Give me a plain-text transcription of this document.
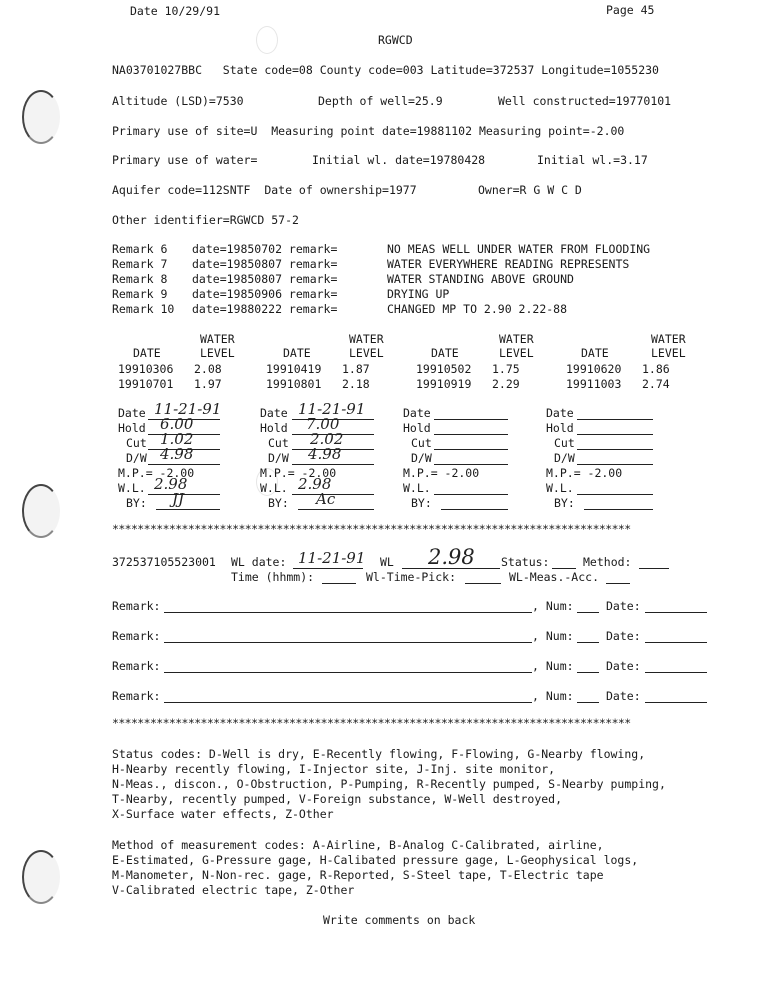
Date 10/29/91	Page 45
RGWCD
NA03701027BBC   State code=08 County code=003 Latitude=372537 Longitude=1055230
Altitude (LSD)=7530	Depth of well=25.9	Well constructed=19770101
Primary use of site=U  Measuring point date=19881102 Measuring point=-2.00
Primary use of water=	Initial wl. date=19780428	Initial wl.=3.17
Aquifer code=112SNTF  Date of ownership=1977	Owner=R G W C D
Other identifier=RGWCD 57-2
Remark 6 date=19850702 remark=	NO MEAS WELL UNDER WATER FROM FLOODING
Remark 7 date=19850807 remark=	WATER EVERYWHERE READING REPRESENTS
Remark 8 date=19850807 remark=	WATER STANDING ABOVE GROUND
Remark 9 date=19850906 remark=	DRYING UP
Remark 10 date=19880222 remark=	CHANGED MP TO 2.90 2.22-88
WATER	WATER	WATER	WATER
DATE	LEVEL	DATE	LEVEL	DATE	LEVEL	DATE	LEVEL
19910306 2.08	19910419 1.87	19910502 1.75	19910620 1.86
19910701 1.97	19910801 2.18	19910919 2.29	19911003 2.74
Date 11-21-91
Hold 6.00
Cut 1.02
D/W 4.98
M.P.= -2.00
W.L. 2.98
BY: JJ
Date 11-21-91
Hold 7.00
Cut 2.02
D/W 4.98
M.P.= -2.00
W.L. 2.98
BY: Ac
Date
Hold
Cut
D/W
M.P.= -2.00
W.L.
BY:
Date
Hold
Cut
D/W
M.P.= -2.00
W.L.
BY:
**********************************************************************************
372537105523001 WL date: 11-21-91 WL 2.98 Status:	Method:
Time (hhmm):	Wl-Time-Pick:	WL-Meas.-Acc.
Remark:	, Num:	Date:
Remark:	, Num:	Date:
Remark:	, Num:	Date:
Remark:	, Num:	Date:
**********************************************************************************
Status codes: D-Well is dry, E-Recently flowing, F-Flowing, G-Nearby flowing,
H-Nearby recently flowing, I-Injector site, J-Inj. site monitor,
N-Meas., discon., O-Obstruction, P-Pumping, R-Recently pumped, S-Nearby pumping,
T-Nearby, recently pumped, V-Foreign substance, W-Well destroyed,
X-Surface water effects, Z-Other
Method of measurement codes: A-Airline, B-Analog C-Calibrated, airline,
E-Estimated, G-Pressure gage, H-Calibated pressure gage, L-Geophysical logs,
M-Manometer, N-Non-rec. gage, R-Reported, S-Steel tape, T-Electric tape
V-Calibrated electric tape, Z-Other
Write comments on back
